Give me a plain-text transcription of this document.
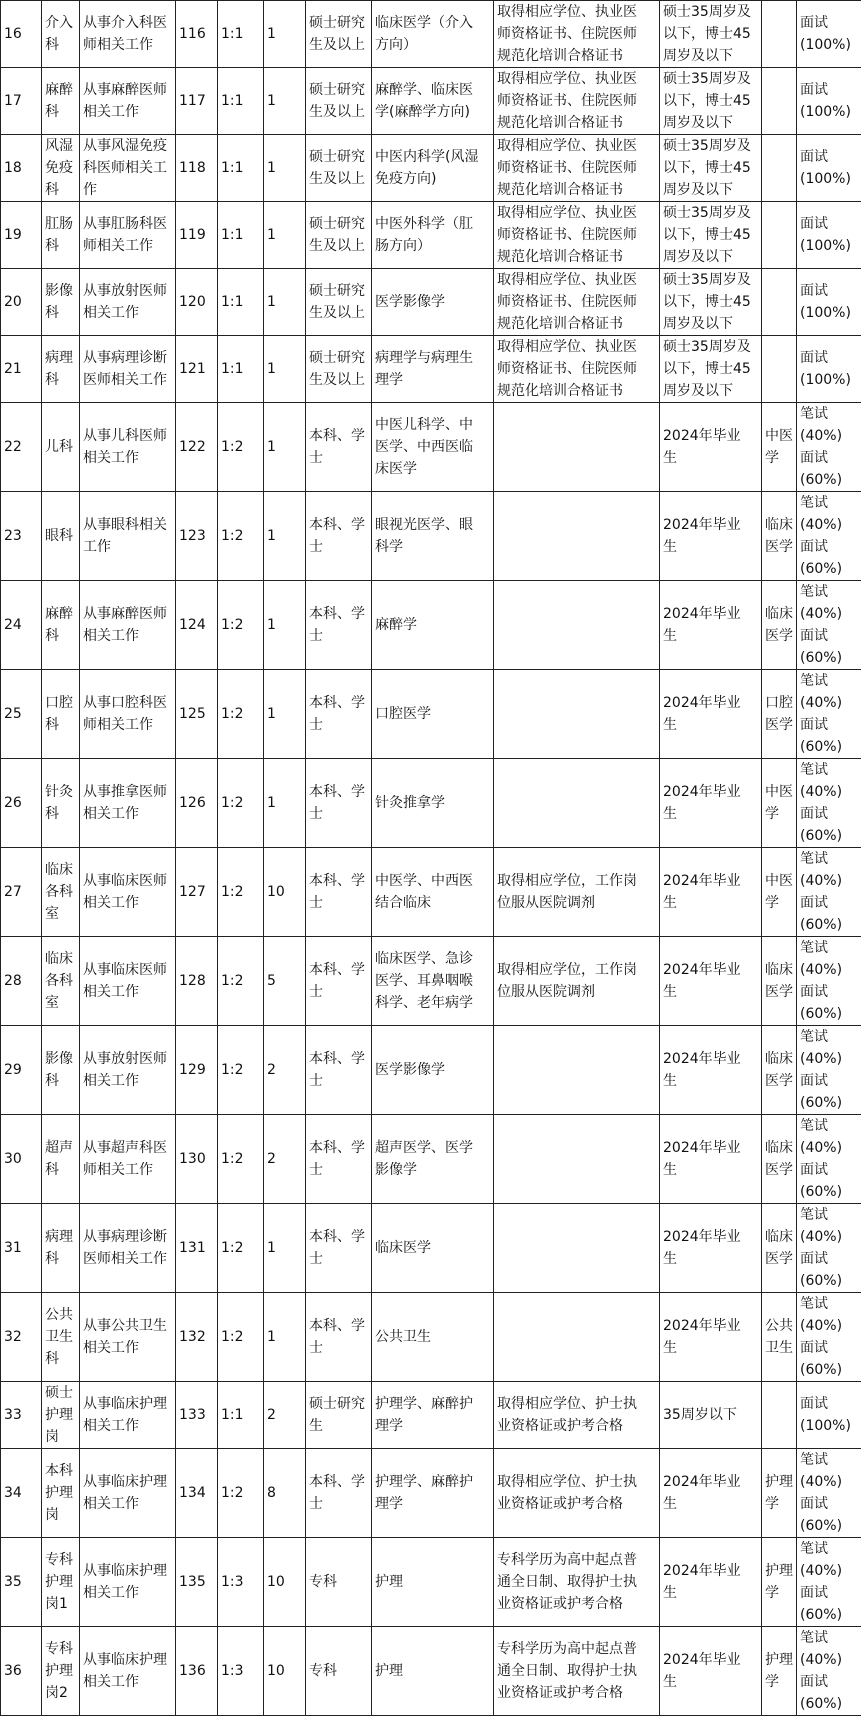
16	介入
科	从事介入科医
师相关工作	116	1:1	1	硕士研究
生及以上	临床医学（介入
方向）	取得相应学位、执业医
师资格证书、住院医师
规范化培训合格证书	硕士35周岁及
以下，博士45
周岁及以下		面试
(100%)

17	麻醉
科	从事麻醉医师
相关工作	117	1:1	1	硕士研究
生及以上	麻醉学、临床医
学(麻醉学方向)	取得相应学位、执业医
师资格证书、住院医师
规范化培训合格证书	硕士35周岁及
以下，博士45
周岁及以下		面试
(100%)

18	风湿
免疫
科	从事风湿免疫
科医师相关工
作	118	1:1	1	硕士研究
生及以上	中医内科学(风湿
免疫方向)	取得相应学位、执业医
师资格证书、住院医师
规范化培训合格证书	硕士35周岁及
以下，博士45
周岁及以下		面试
(100%)

19	肛肠
科	从事肛肠科医
师相关工作	119	1:1	1	硕士研究
生及以上	中医外科学（肛
肠方向）	取得相应学位、执业医
师资格证书、住院医师
规范化培训合格证书	硕士35周岁及
以下，博士45
周岁及以下		面试
(100%)

20	影像
科	从事放射医师
相关工作	120	1:1	1	硕士研究
生及以上	医学影像学	取得相应学位、执业医
师资格证书、住院医师
规范化培训合格证书	硕士35周岁及
以下，博士45
周岁及以下		面试
(100%)

21	病理
科	从事病理诊断
医师相关工作	121	1:1	1	硕士研究
生及以上	病理学与病理生
理学	取得相应学位、执业医
师资格证书、住院医师
规范化培训合格证书	硕士35周岁及
以下，博士45
周岁及以下		面试
(100%)

22	儿科	从事儿科医师
相关工作	122	1:2	1	本科、学
士	中医儿科学、中
医学、中西医临
床医学		2024年毕业
生	中医
学	笔试(40%)
面试(60%)

23	眼科	从事眼科相关
工作	123	1:2	1	本科、学
士	眼视光医学、眼
科学		2024年毕业
生	临床
医学	笔试(40%)
面试(60%)

24	麻醉
科	从事麻醉医师
相关工作	124	1:2	1	本科、学
士	麻醉学		2024年毕业
生	临床
医学	笔试(40%)
面试(60%)

25	口腔
科	从事口腔科医
师相关工作	125	1:2	1	本科、学
士	口腔医学		2024年毕业
生	口腔
医学	笔试(40%)
面试(60%)

26	针灸
科	从事推拿医师
相关工作	126	1:2	1	本科、学
士	针灸推拿学		2024年毕业
生	中医
学	笔试(40%)
面试(60%)

27	临床
各科
室	从事临床医师
相关工作	127	1:2	10	本科、学
士	中医学、中西医
结合临床	取得相应学位，工作岗
位服从医院调剂	2024年毕业
生	中医
学	笔试(40%)
面试(60%)

28	临床
各科
室	从事临床医师
相关工作	128	1:2	5	本科、学
士	临床医学、急诊
医学、耳鼻咽喉
科学、老年病学	取得相应学位，工作岗
位服从医院调剂	2024年毕业
生	临床
医学	笔试(40%)
面试(60%)

29	影像
科	从事放射医师
相关工作	129	1:2	2	本科、学
士	医学影像学		2024年毕业
生	临床
医学	笔试(40%)
面试(60%)

30	超声
科	从事超声科医
师相关工作	130	1:2	2	本科、学
士	超声医学、医学
影像学		2024年毕业
生	临床
医学	笔试(40%)
面试(60%)

31	病理
科	从事病理诊断
医师相关工作	131	1:2	1	本科、学
士	临床医学		2024年毕业
生	临床
医学	笔试(40%)
面试(60%)

32	公共
卫生
科	从事公共卫生
相关工作	132	1:2	1	本科、学
士	公共卫生		2024年毕业
生	公共
卫生	笔试(40%)
面试(60%)

33	硕士
护理
岗	从事临床护理
相关工作	133	1:1	2	硕士研究
生	护理学、麻醉护
理学	取得相应学位、护士执
业资格证或护考合格	35周岁以下		面试
(100%)

34	本科
护理
岗	从事临床护理
相关工作	134	1:2	8	本科、学
士	护理学、麻醉护
理学	取得相应学位、护士执
业资格证或护考合格	2024年毕业
生	护理
学	笔试(40%)
面试(60%)

35	专科
护理
岗1	从事临床护理
相关工作	135	1:3	10	专科	护理	专科学历为高中起点普
通全日制、取得护士执
业资格证或护考合格	2024年毕业
生	护理
学	笔试(40%)
面试(60%)

36	专科
护理
岗2	从事临床护理
相关工作	136	1:3	10	专科	护理	专科学历为高中起点普
通全日制、取得护士执
业资格证或护考合格	2024年毕业
生	护理
学	笔试(40%)
面试(60%)
